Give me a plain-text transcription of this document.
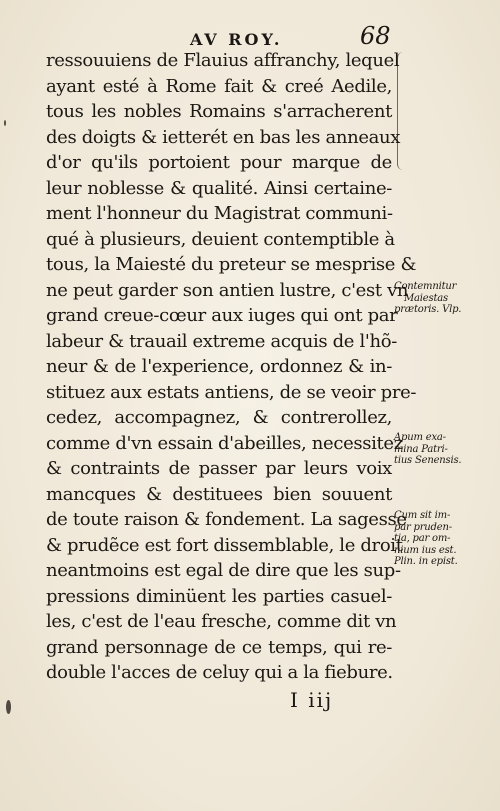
AV ROY.	68
ressouuiens de Flauius affranchy, lequel
ayant esté à Rome fait & creé Aedile,
tous les nobles Romains s'arracherent
des doigts & ietterét en bas les anneaux
d'or qu'ils portoient pour marque de
leur noblesse & qualité. Ainsi certaine-
ment l'honneur du Magistrat communi-
qué à plusieurs, deuient contemptible à
tous, la Maiesté du preteur se mesprise &
ne peut garder son antien lustre, c'est vn
grand creue-cœur aux iuges qui ont par
labeur & trauail extreme acquis de l'hõ-
neur & de l'experience, ordonnez & in-
stituez aux estats antiens, de se veoir pre-
cedez, accompagnez, & contrerollez,
comme d'vn essain d'abeilles, necessitez
& contraints de passer par leurs voix
mancques & destituees bien souuent
de toute raison & fondement. La sagesse
& prudẽce est fort dissemblable, le droit
neantmoins est egal de dire que les sup-
pressions diminüent les parties casuel-
les, c'est de l'eau fresche, comme dit vn
grand personnage de ce temps, qui re-
double l'acces de celuy qui a la fiebure.
I iij
Contemnitur
Maiestas
prætoris. Vlp.
Apum exa-
mina Patri-
tius Senensis.
Cum sit im-
par pruden-
tia, par om-
nium ius est.
Plin. in epist.
